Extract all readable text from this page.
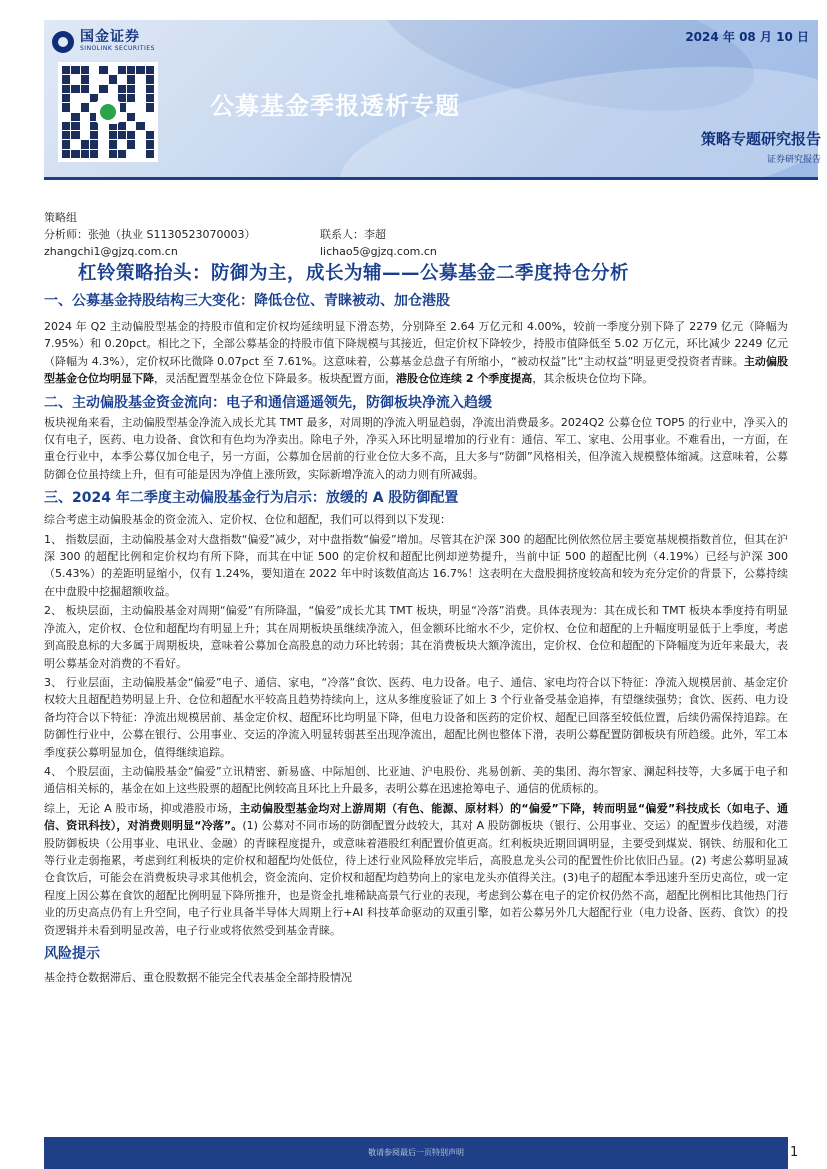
国金证券
SINOLINK SECURITIES
2024 年 08 月 10 日
公募基金季报透析专题
策略专题研究报告
证券研究报告
策略组
分析师：张弛（执业 S1130523070003）	联系人：李超
zhangchi1@gjzq.com.cn	lichao5@gjzq.com.cn
杠铃策略抬头：防御为主，成长为辅——公募基金二季度持仓分析
一、公募基金持股结构三大变化：降低仓位、青睐被动、加仓港股

2024 年 Q2 主动偏股型基金的持股市值和定价权均延续明显下滑态势，分别降至 2.64 万亿元和 4.00%，较前一季度分别下降了 2279 亿元（降幅为 7.95%）和 0.20pct。相比之下，全部公募基金的持股市值下降规模与其接近，但定价权下降较少，持股市值降低至 5.02 万亿元，环比减少 2249 亿元（降幅为 4.3%），定价权环比微降 0.07pct 至 7.61%。这意味着，公募基金总盘子有所缩小，“被动权益”比“主动权益”明显更受投资者青睐。主动偏股型基金仓位均明显下降，灵活配置型基金仓位下降最多。板块配置方面，港股仓位连续 2 个季度提高，其余板块仓位均下降。

二、主动偏股基金资金流向：电子和通信遥遥领先，防御板块净流入趋缓

板块视角来看，主动偏股型基金净流入成长尤其 TMT 最多，对周期的净流入明显趋弱，净流出消费最多。2024Q2 公募仓位 TOP5 的行业中，净买入的仅有电子，医药、电力设备、食饮和有色均为净卖出。除电子外，净买入环比明显增加的行业有：通信、军工、家电、公用事业。不难看出，一方面，在重仓行业中，本季公募仅加仓电子，另一方面，公募加仓居前的行业仓位大多不高，且大多与“防御”风格相关，但净流入规模整体缩减。这意味着，公募防御仓位虽持续上升，但有可能是因为净值上涨所致，实际新增净流入的动力则有所减弱。

三、2024 年二季度主动偏股基金行为启示：放缓的 A 股防御配置

综合考虑主动偏股基金的资金流入、定价权、仓位和超配，我们可以得到以下发现：

1、 指数层面，主动偏股基金对大盘指数“偏爱”减少，对中盘指数“偏爱”增加。尽管其在沪深 300 的超配比例依然位居主要宽基规模指数首位，但其在沪深 300 的超配比例和定价权均有所下降，而其在中证 500 的定价权和超配比例却逆势提升，当前中证 500 的超配比例（4.19%）已经与沪深 300（5.43%）的差距明显缩小，仅有 1.24%，要知道在 2022 年中时该数值高达 16.7%！这表明在大盘股拥挤度较高和较为充分定价的背景下，公募持续在中盘股中挖掘超额收益。

2、 板块层面，主动偏股基金对周期“偏爱”有所降温，“偏爱”成长尤其 TMT 板块，明显“冷落”消费。具体表现为：其在成长和 TMT 板块本季度持有明显净流入，定价权、仓位和超配均有明显上升；其在周期板块虽继续净流入，但金额环比缩水不少，定价权、仓位和超配的上升幅度明显低于上季度，考虑到高股息标的大多属于周期板块，意味着公募加仓高股息的动力环比转弱；其在消费板块大额净流出，定价权、仓位和超配的下降幅度为近年来最大，表明公募基金对消费的不看好。

3、 行业层面，主动偏股基金“偏爱”电子、通信、家电，“冷落”食饮、医药、电力设备。电子、通信、家电均符合以下特征：净流入规模居前、基金定价权较大且超配趋势明显上升、仓位和超配水平较高且趋势持续向上，这从多维度验证了如上 3 个行业备受基金追捧，有望继续强势；食饮、医药、电力设备均符合以下特征：净流出规模居前、基金定价权、超配环比均明显下降，但电力设备和医药的定价权、超配已回落至较低位置，后续仍需保持追踪。在防御性行业中，公募在银行、公用事业、交运的净流入明显转弱甚至出现净流出，超配比例也整体下滑，表明公募配置防御板块有所趋缓。此外，军工本季度获公募明显加仓，值得继续追踪。

4、 个股层面，主动偏股基金“偏爱”立讯精密、新易盛、中际旭创、比亚迪、沪电股份、兆易创新、美的集团、海尔智家、澜起科技等，大多属于电子和通信相关标的，基金在如上这些股票的超配比例较高且环比上升最多，表明公募在迅速抢筹电子、通信的优质标的。

综上，无论 A 股市场，抑或港股市场，主动偏股型基金均对上游周期（有色、能源、原材料）的“偏爱”下降，转而明显“偏爱”科技成长（如电子、通信、资讯科技），对消费则明显“冷落”。(1) 公募对不同市场的防御配置分歧较大，其对 A 股防御板块（银行、公用事业、交运）的配置步伐趋缓，对港股防御板块（公用事业、电讯业、金融）的青睐程度提升，或意味着港股红利配置价值更高。红利板块近期回调明显，主要受到煤炭、钢铁、纺服和化工等行业走弱拖累，考虑到红利板块的定价权和超配均处低位，待上述行业风险释放完毕后，高股息龙头公司的配置性价比依旧凸显。(2) 考虑公募明显减仓食饮后，可能会在消费板块寻求其他机会，资金流向、定价权和超配均趋势向上的家电龙头亦值得关注。(3)电子的超配本季迅速升至历史高位，或一定程度上因公募在食饮的超配比例明显下降所推升，也是资金扎堆稀缺高景气行业的表现，考虑到公募在电子的定价权仍然不高，超配比例相比其他热门行业的历史高点仍有上升空间，电子行业具备半导体大周期上行+AI 科技革命驱动的双重引擎，如若公募另外几大超配行业（电力设备、医药、食饮）的投资逻辑并未看到明显改善，电子行业或将依然受到基金青睐。

风险提示

基金持仓数据滞后、重仓股数据不能完全代表基金全部持股情况

敬请参阅最后一页特别声明	1
